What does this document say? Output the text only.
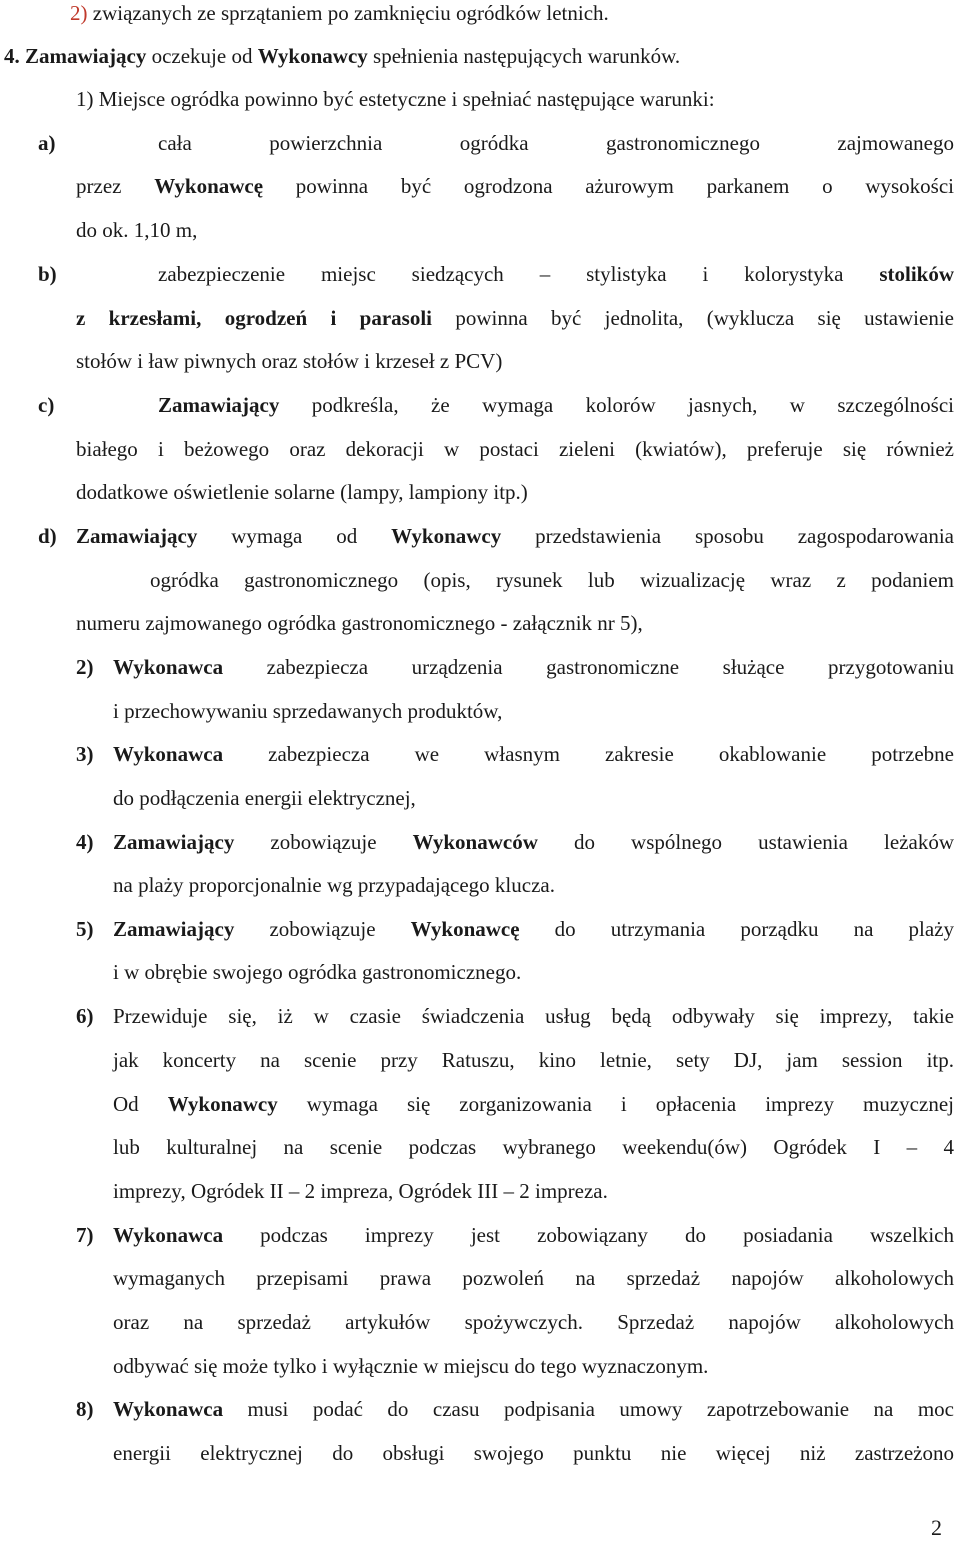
2) związanych ze sprzątaniem po zamknięciu ogródków letnich.
4. Zamawiający oczekuje od Wykonawcy spełnienia następujących warunków.
1) Miejsce ogródka powinno być estetyczne i spełniać następujące warunki:
a)	cała powierzchnia ogródka gastronomicznego zajmowanego
przez Wykonawcę powinna być ogrodzona ażurowym parkanem o wysokości
do ok. 1,10 m,
b)	zabezpieczenie miejsc siedzących – stylistyka i kolorystyka stolików
z krzesłami, ogrodzeń i parasoli powinna być jednolita, (wyklucza się ustawienie
stołów i ław piwnych oraz stołów i krzeseł z PCV)
c)	Zamawiający podkreśla, że wymaga kolorów jasnych, w szczególności
białego i beżowego oraz dekoracji w postaci zieleni (kwiatów), preferuje się również
dodatkowe oświetlenie solarne (lampy, lampiony itp.)
d) Zamawiający wymaga od Wykonawcy przedstawienia sposobu zagospodarowania
ogródka gastronomicznego (opis, rysunek lub wizualizację wraz z podaniem
numeru zajmowanego ogródka gastronomicznego - załącznik nr 5),
2) Wykonawca zabezpiecza urządzenia gastronomiczne służące przygotowaniu
i przechowywaniu sprzedawanych produktów,
3) Wykonawca zabezpiecza we własnym zakresie okablowanie potrzebne
do podłączenia energii elektrycznej,
4) Zamawiający zobowiązuje Wykonawców do wspólnego ustawienia leżaków
na plaży proporcjonalnie wg przypadającego klucza.
5) Zamawiający zobowiązuje Wykonawcę do utrzymania porządku na plaży
i w obrębie swojego ogródka gastronomicznego.
6) Przewiduje się, iż w czasie świadczenia usług będą odbywały się imprezy, takie
jak koncerty na scenie przy Ratuszu, kino letnie, sety DJ, jam session itp.
Od Wykonawcy wymaga się zorganizowania i opłacenia imprezy muzycznej
lub kulturalnej na scenie podczas wybranego weekendu(ów) Ogródek I – 4
imprezy, Ogródek II – 2 impreza, Ogródek III – 2 impreza.
7) Wykonawca podczas imprezy jest zobowiązany do posiadania wszelkich
wymaganych przepisami prawa pozwoleń na sprzedaż napojów alkoholowych
oraz na sprzedaż artykułów spożywczych. Sprzedaż napojów alkoholowych
odbywać się może tylko i wyłącznie w miejscu do tego wyznaczonym.
8) Wykonawca musi podać do czasu podpisania umowy zapotrzebowanie na moc
energii elektrycznej do obsługi swojego punktu nie więcej niż zastrzeżono
2
